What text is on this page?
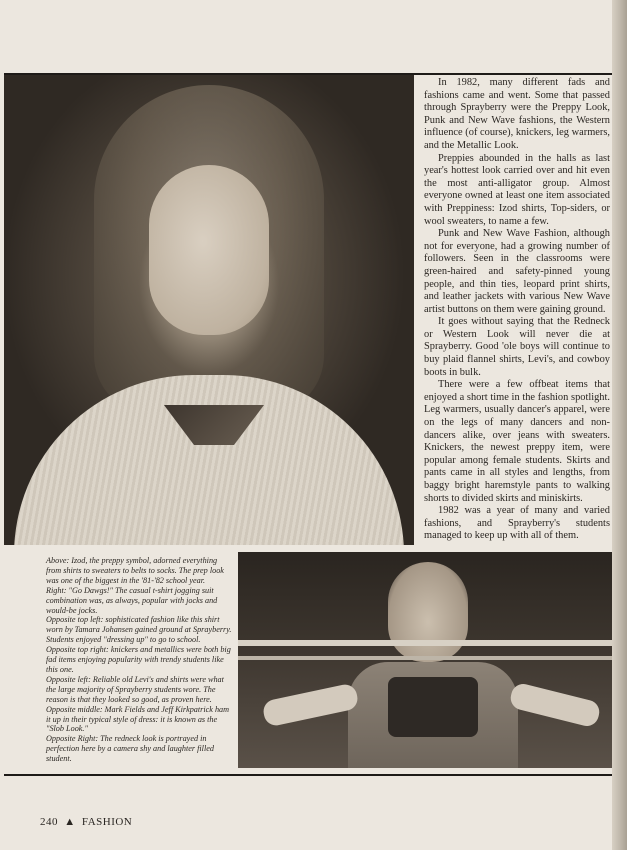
In 1982, many different fads and fashions came and went. Some that passed through Sprayberry were the Preppy Look, Punk and New Wave fashions, the Western influence (of course), knickers, leg warmers, and the Metallic Look.

Preppies abounded in the halls as last year's hottest look carried over and hit even the most anti-alligator group. Almost everyone owned at least one item associated with Preppiness: Izod shirts, Top-siders, or wool sweaters, to name a few.

Punk and New Wave Fashion, although not for everyone, had a growing number of followers. Seen in the classrooms were green-haired and safety-pinned young people, and thin ties, leopard print shirts, and leather jackets with various New Wave artist buttons on them were gaining ground.

It goes without saying that the Redneck or Western Look will never die at Sprayberry. Good 'ole boys will continue to buy plaid flannel shirts, Levi's, and cowboy boots in bulk.

There were a few offbeat items that enjoyed a short time in the fashion spotlight. Leg warmers, usually dancer's apparel, were on the legs of many dancers and non-dancers alike, over jeans with sweaters. Knickers, the newest preppy item, were popular among female students. Skirts and pants came in all styles and lengths, from baggy bright haremstyle pants to walking shorts to divided skirts and miniskirts.

1982 was a year of many and varied fashions, and Sprayberry's students managed to keep up with all of them.

Above: Izod, the preppy symbol, adorned everything from shirts to sweaters to belts to socks. The prep look was one of the biggest in the '81-'82 school year.

Right: "Go Dawgs!" The casual t-shirt jogging suit combination was, as always, popular with jocks and would-be jocks.

Opposite top left: sophisticated fashion like this shirt worn by Tamara Johansen gained ground at Sprayberry. Students enjoyed "dressing up" to go to school.

Opposite top right: knickers and metallics were both big fad items enjoying popularity with trendy students like this one.

Opposite left: Reliable old Levi's and shirts were what the large majority of Sprayberry students wore. The reason is that they looked so good, as proven here.

Opposite middle: Mark Fields and Jeff Kirkpatrick ham it up in their typical style of dress: it is known as the "Slob Look."

Opposite Right: The redneck look is portrayed in perfection here by a camera shy and laughter filled student.

240 ▲ FASHION
